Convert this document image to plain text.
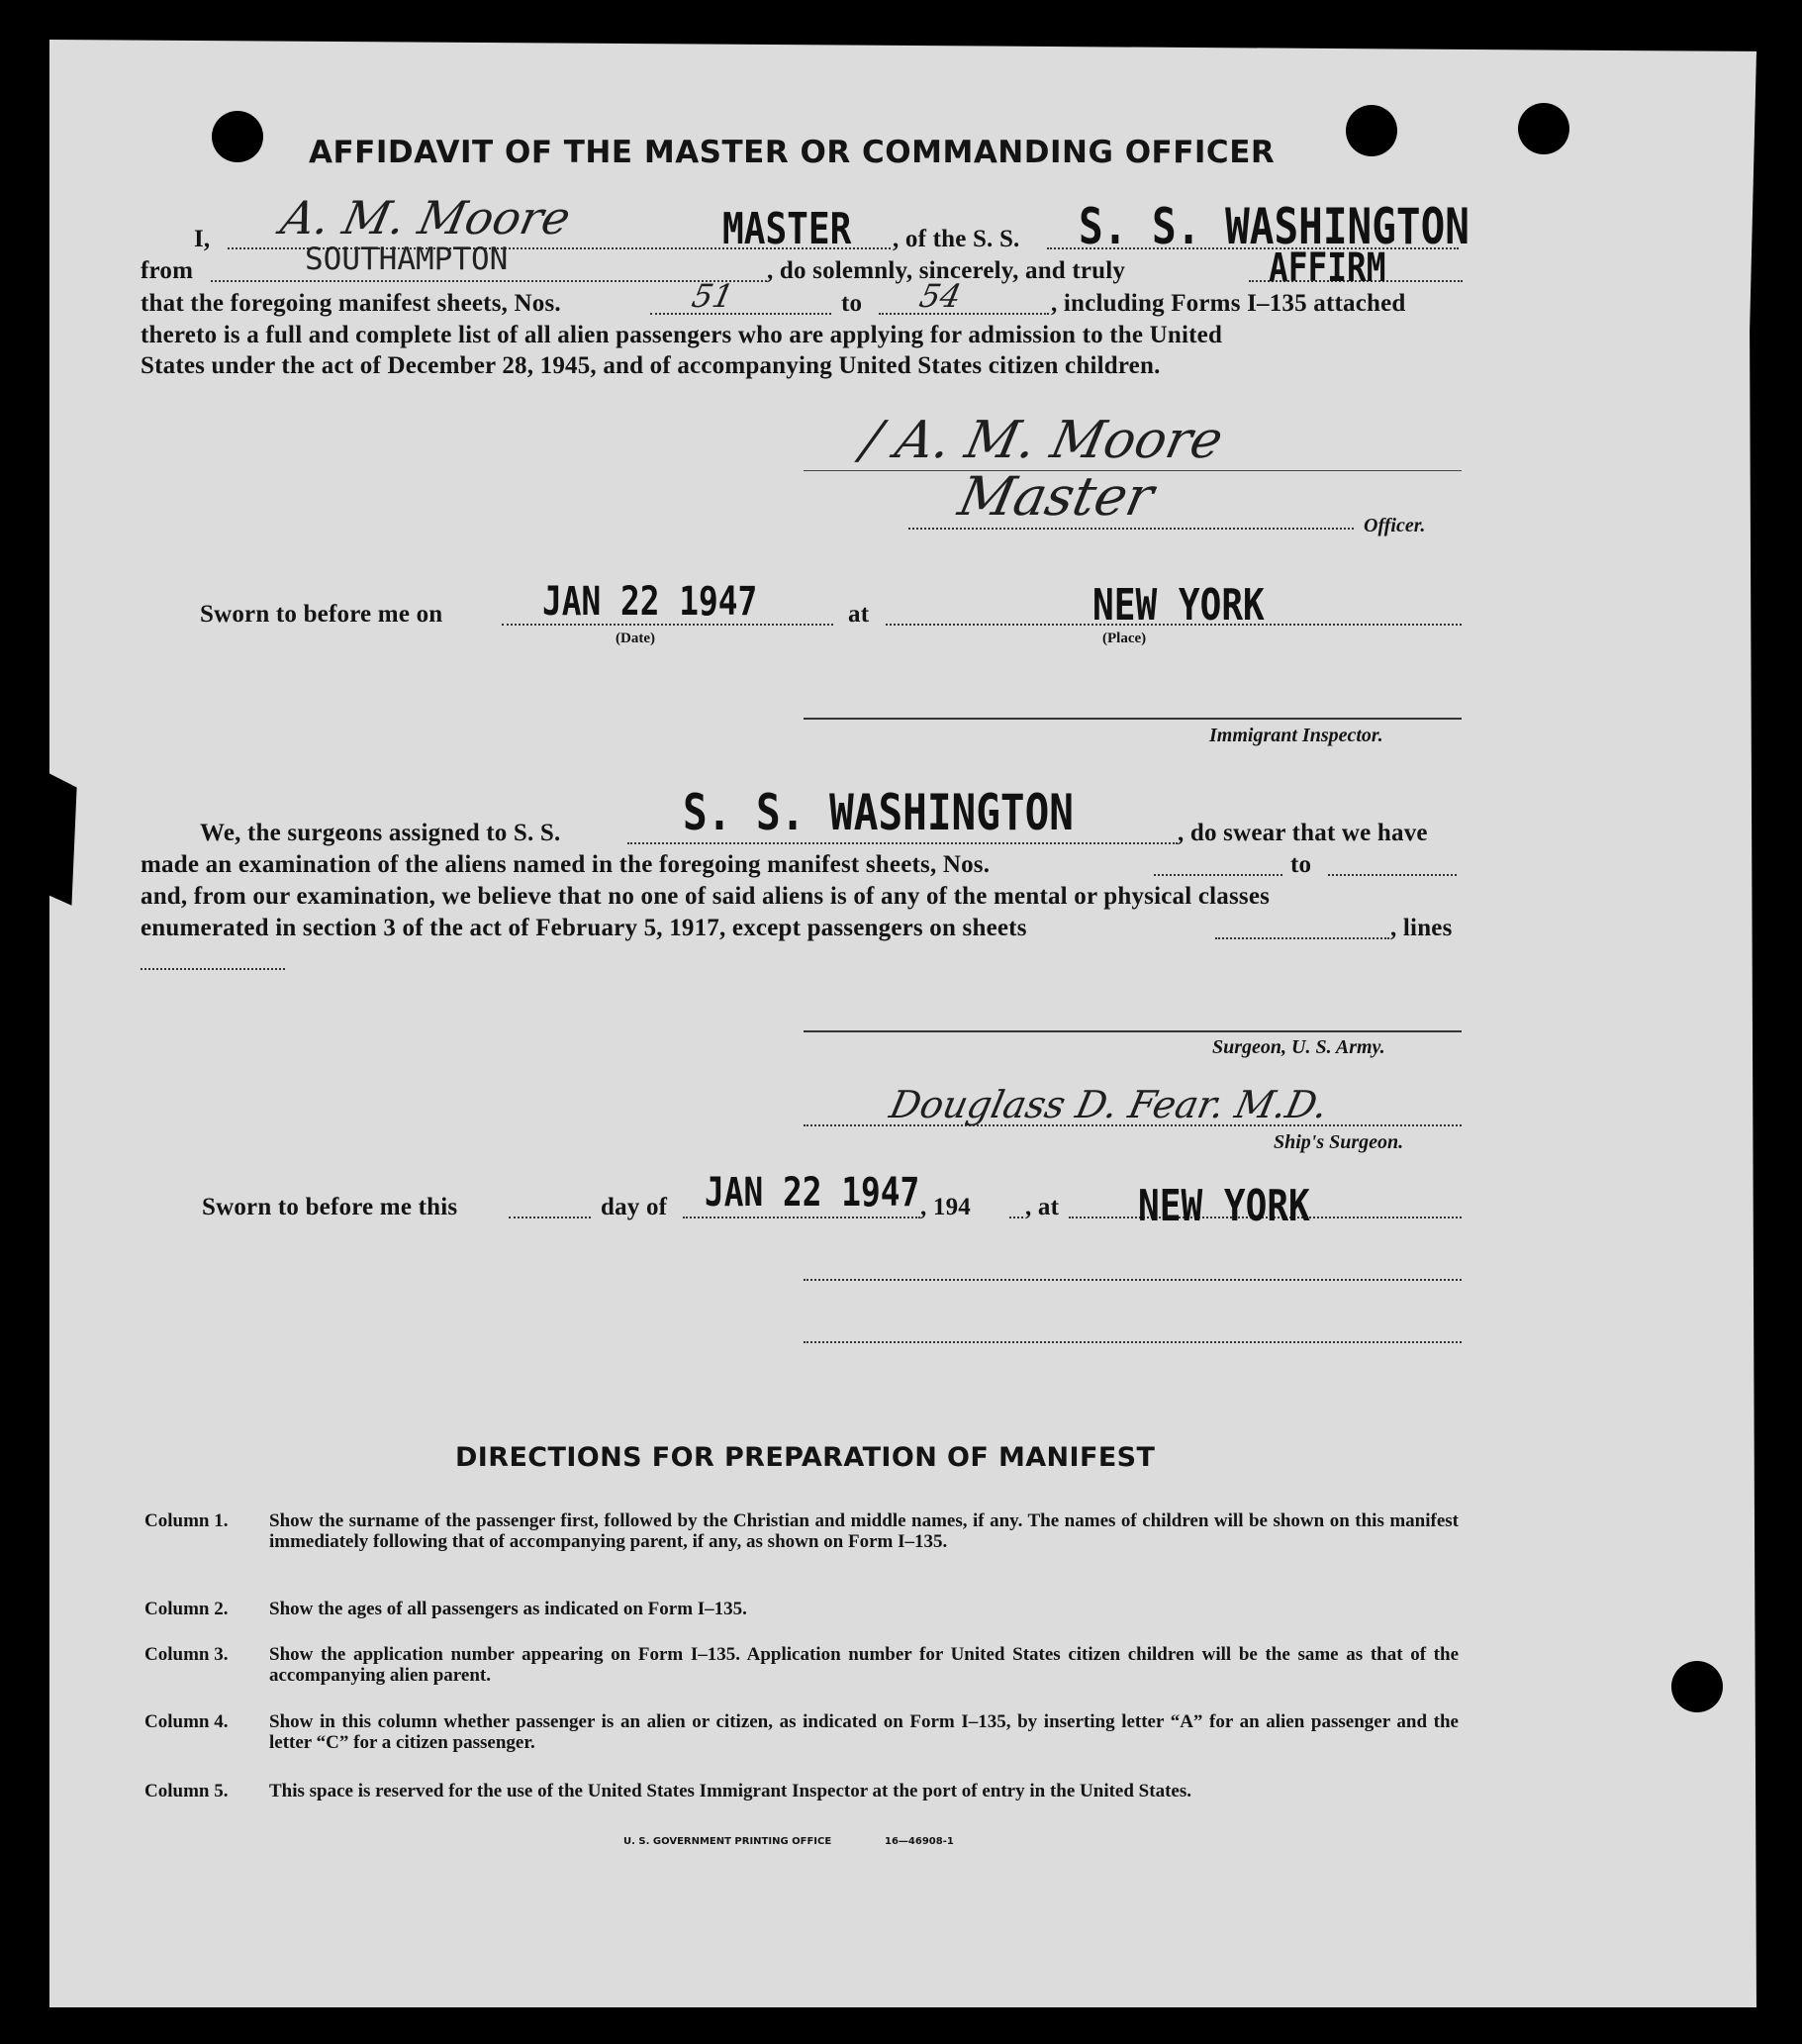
AFFIDAVIT OF THE MASTER OR COMMANDING OFFICER
I, A. M. Moore	MASTER , of the S. S. S. S. WASHINGTON
from	SOUTHAMPTON	, do solemnly, sincerely, and truly	AFFIRM
that the foregoing manifest sheets, Nos.	51	to 54	, including Forms I–135 attached
thereto is a full and complete list of all alien passengers who are applying for admission to the United
States under the act of December 28, 1945, and of accompanying United States citizen children.
/ A. M. Moore
Master	Officer.
Sworn to before me on	JAN 22 1947
(Date)
at	NEW YORK
(Place)
Immigrant Inspector.
We, the surgeons assigned to S. S. S. S. WASHINGTON	, do swear that we have
made an examination of the aliens named in the foregoing manifest sheets, Nos.	to
and, from our examination, we believe that no one of said aliens is of any of the mental or physical classes
enumerated in section 3 of the act of February 5, 1917, except passengers on sheets	, lines
Surgeon, U. S. Army.
Douglass D. Fear. M.D.
Ship's Surgeon.
Sworn to before me this	day of JAN 22 1947 , 194 , at NEW YORK
DIRECTIONS FOR PREPARATION OF MANIFEST
Column 1. Show the surname of the passenger first, followed by the Christian and middle names, if any. The names of children will be shown on this manifest immediately following that of accompanying parent, if any, as shown on Form I–135.
Column 2. Show the ages of all passengers as indicated on Form I–135.
Column 3. Show the application number appearing on Form I–135. Application number for United States citizen children will be the same as that of the accompanying alien parent.
Column 4. Show in this column whether passenger is an alien or citizen, as indicated on Form I–135, by inserting letter “A” for an alien passenger and the letter “C” for a citizen passenger.
Column 5. This space is reserved for the use of the United States Immigrant Inspector at the port of entry in the United States.
U. S. GOVERNMENT PRINTING OFFICE	16—46908-1
